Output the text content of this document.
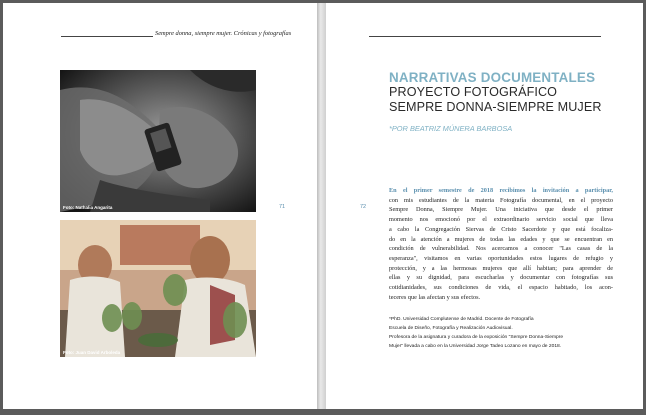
Sempre donna, siempre mujer. Crónicas y fotografías
Foto: Nathalia Angarita
Foto: Juan David Arboleda
71	72
NARRATIVAS DOCUMENTALES
PROYECTO FOTOGRÁFICO
SEMPRE DONNA-SIEMPRE MUJER
*POR BEATRIZ MÚNERA BARBOSA
En el primer semestre de 2018 recibimos la invitación a participar,
con mis estudiantes de la materia Fotografía documental, en el proyecto
Sempre Donna, Siempre Mujer. Una iniciativa que desde el primer
momento nos emocionó por el extraordinario servicio social que lleva
a cabo la Congregación Siervas de Cristo Sacerdote y que está focaliza-
do en la atención a mujeres de todas las edades y que se encuentran en
condición de vulnerabilidad. Nos acercamos a conocer "Las casas de la
esperanza", visitamos en varias oportunidades estos lugares de refugio y
protección, y a las hermosas mujeres que allí habitan; para aprender de
ellas y su dignidad, para escucharlas y documentar con fotografías sus
cotidianidades, sus condiciones de vida, el espacio habitado, los acon-
teceres que las afectan y sus efectos.
*PhD. Universidad Complutense de Madrid. Docente de Fotografía
Escuela de Diseño, Fotografía y Realización Audiovisual.
Profesora de la asignatura y curadora de la exposición "Sempre Donna-Siempre
Mujer" llevada a cabo en la Universidad Jorge Tadeo Lozano en mayo de 2018.
